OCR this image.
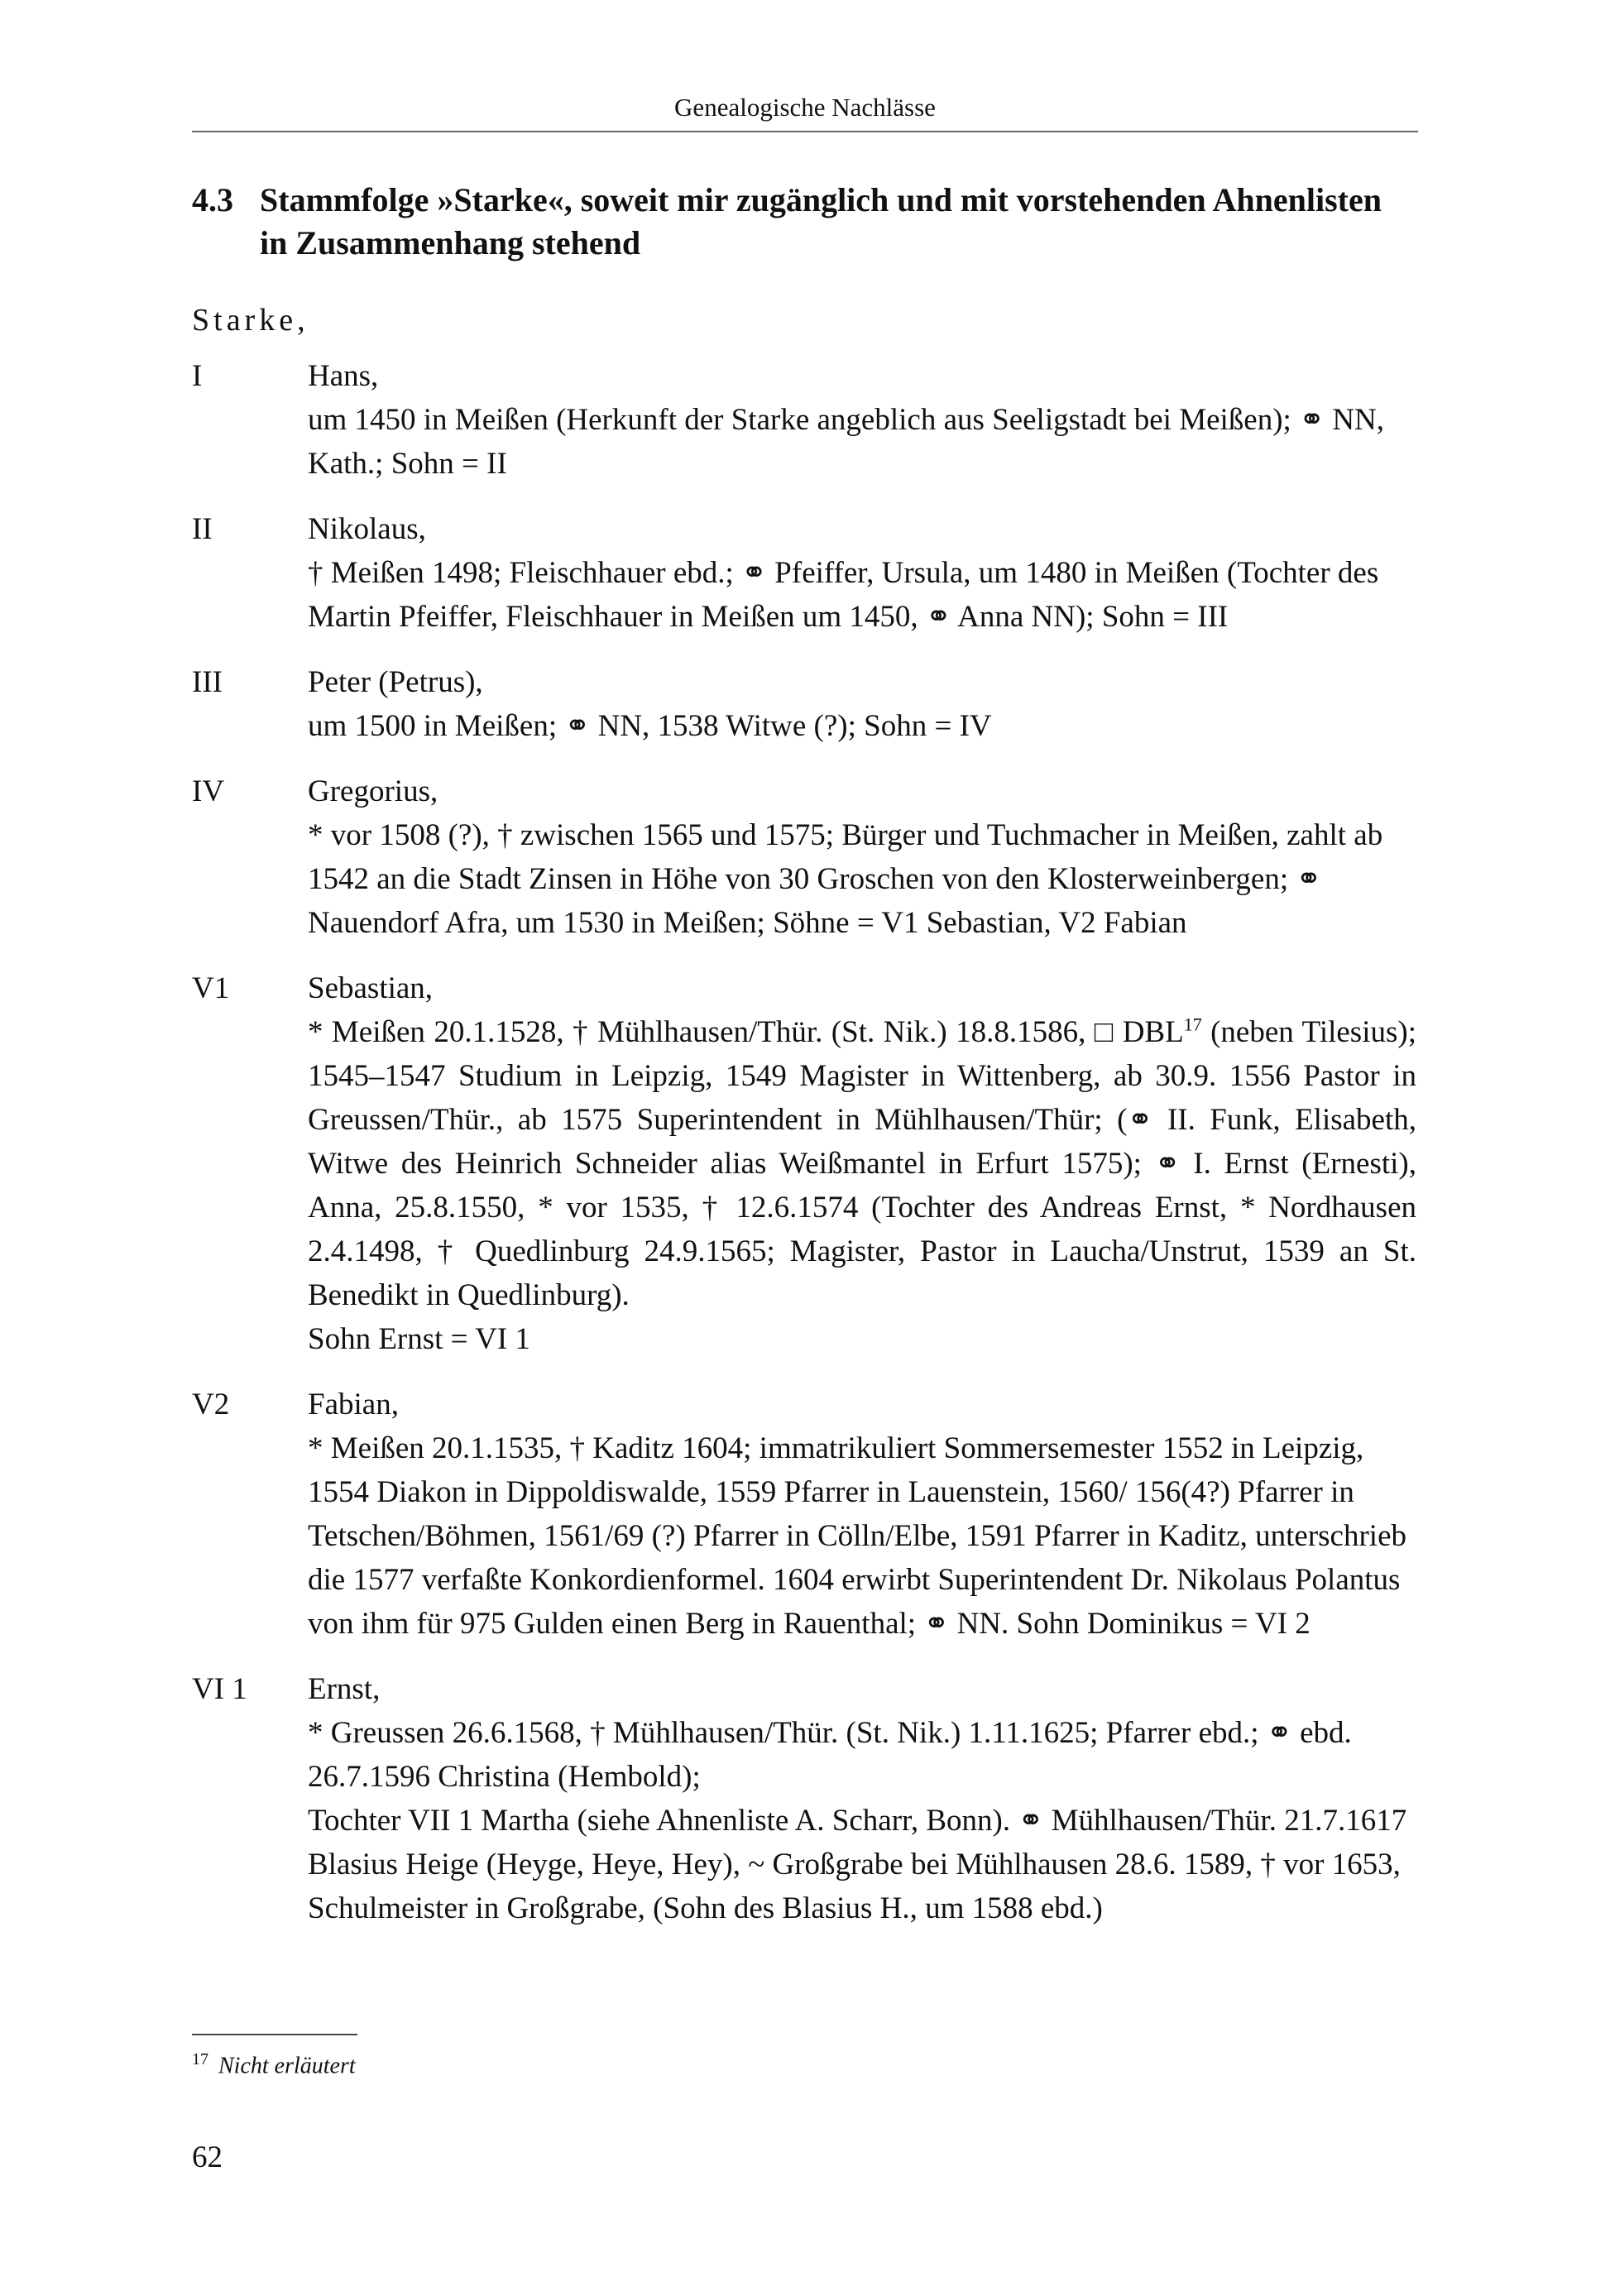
Genealogische Nachlässe
4.3 Stammfolge »Starke«, soweit mir zugänglich und mit vorstehenden Ahnenlisten in Zusammenhang stehend
Starke,
I	Hans,
um 1450 in Meißen (Herkunft der Starke angeblich aus Seeligstadt bei Meißen); ⚭ NN, Kath.; Sohn = II
II	Nikolaus,
† Meißen 1498; Fleischhauer ebd.; ⚭ Pfeiffer, Ursula, um 1480 in Meißen (Tochter des Martin Pfeiffer, Fleischhauer in Meißen um 1450, ⚭ Anna NN); Sohn = III
III	Peter (Petrus),
um 1500 in Meißen; ⚭ NN, 1538 Witwe (?); Sohn = IV
IV	Gregorius,
* vor 1508 (?), † zwischen 1565 und 1575; Bürger und Tuchmacher in Meißen, zahlt ab 1542 an die Stadt Zinsen in Höhe von 30 Groschen von den Klosterweinbergen; ⚭ Nauendorf Afra, um 1530 in Meißen; Söhne = V1 Sebastian, V2 Fabian
V1	Sebastian,
* Meißen 20.1.1528, † Mühlhausen/Thür. (St. Nik.) 18.8.1586, □ DBL$^{17}$ (neben Tilesius); 1545–1547 Studium in Leipzig, 1549 Magister in Wittenberg, ab 30.9. 1556 Pastor in Greussen/Thür., ab 1575 Superintendent in Mühlhausen/Thür; (⚭ II. Funk, Elisabeth, Witwe des Heinrich Schneider alias Weißmantel in Erfurt 1575); ⚭ I. Ernst (Ernesti), Anna, 25.8.1550, * vor 1535, † 12.6.1574 (Tochter des Andreas Ernst, * Nordhausen 2.4.1498, † Quedlinburg 24.9.1565; Magister, Pastor in Laucha/Unstrut, 1539 an St. Benedikt in Quedlinburg).
Sohn Ernst = VI 1
V2	Fabian,
* Meißen 20.1.1535, † Kaditz 1604; immatrikuliert Sommersemester 1552 in Leipzig, 1554 Diakon in Dippoldiswalde, 1559 Pfarrer in Lauenstein, 1560/ 156(4?) Pfarrer in Tetschen/Böhmen, 1561/69 (?) Pfarrer in Cölln/Elbe, 1591 Pfarrer in Kaditz, unterschrieb die 1577 verfaßte Konkordienformel. 1604 erwirbt Superintendent Dr. Nikolaus Polantus von ihm für 975 Gulden einen Berg in Rauenthal; ⚭ NN. Sohn Dominikus = VI 2
VI 1 Ernst,
* Greussen 26.6.1568, † Mühlhausen/Thür. (St. Nik.) 1.11.1625; Pfarrer ebd.; ⚭ ebd. 26.7.1596 Christina (Hembold);
Tochter VII 1 Martha (siehe Ahnenliste A. Scharr, Bonn). ⚭ Mühlhausen/Thür. 21.7.1617 Blasius Heige (Heyge, Heye, Hey), ~ Großgrabe bei Mühlhausen 28.6. 1589, † vor 1653, Schulmeister in Großgrabe, (Sohn des Blasius H., um 1588 ebd.)
$^{17}$ Nicht erläutert
62
